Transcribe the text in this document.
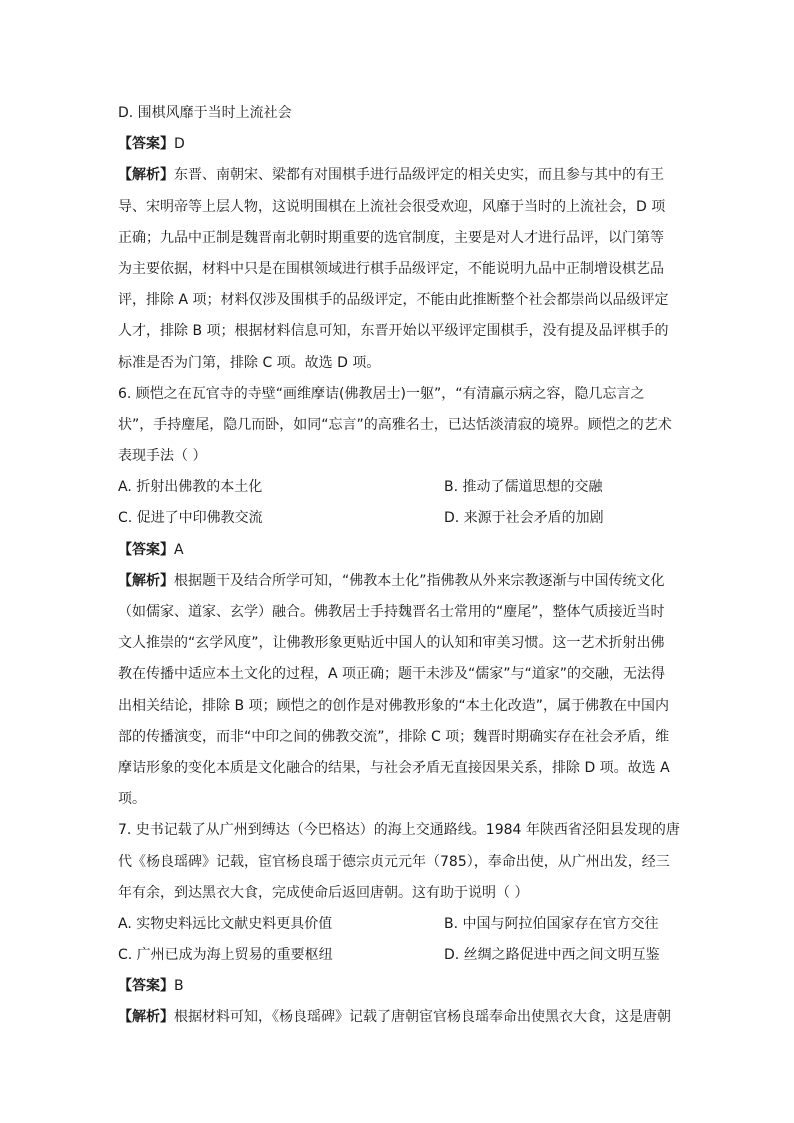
D. 围棋风靡于当时上流社会
【答案】D
【解析】东晋、南朝宋、梁都有对围棋手进行品级评定的相关史实，而且参与其中的有王
导、宋明帝等上层人物，这说明围棋在上流社会很受欢迎，风靡于当时的上流社会，D 项
正确；九品中正制是魏晋南北朝时期重要的选官制度，主要是对人才进行品评，以门第等
为主要依据，材料中只是在围棋领域进行棋手品级评定，不能说明九品中正制增设棋艺品
评，排除 A 项；材料仅涉及围棋手的品级评定，不能由此推断整个社会都崇尚以品级评定
人才，排除 B 项；根据材料信息可知，东晋开始以平级评定围棋手，没有提及品评棋手的
标准是否为门第，排除 C 项。故选 D 项。
6. 顾恺之在瓦官寺的寺壁“画维摩诘(佛教居士)一躯”，“有清羸示病之容，隐几忘言之
状”，手持麈尾，隐几而卧，如同“忘言”的高雅名士，已达恬淡清寂的境界。顾恺之的艺术
表现手法（ ）
A. 折射出佛教的本土化	B. 推动了儒道思想的交融
C. 促进了中印佛教交流	D. 来源于社会矛盾的加剧
【答案】A
【解析】根据题干及结合所学可知，“佛教本土化”指佛教从外来宗教逐渐与中国传统文化
（如儒家、道家、玄学）融合。佛教居士手持魏晋名士常用的“麈尾”，整体气质接近当时
文人推崇的“玄学风度”，让佛教形象更贴近中国人的认知和审美习惯。这一艺术折射出佛
教在传播中适应本土文化的过程，A 项正确；题干未涉及“儒家”与“道家”的交融，无法得
出相关结论，排除 B 项；顾恺之的创作是对佛教形象的“本土化改造”，属于佛教在中国内
部的传播演变，而非“中印之间的佛教交流”，排除 C 项；魏晋时期确实存在社会矛盾，维
摩诘形象的变化本质是文化融合的结果，与社会矛盾无直接因果关系，排除 D 项。故选 A
项。
7. 史书记载了从广州到缚达（今巴格达）的海上交通路线。1984 年陕西省泾阳县发现的唐
代《杨良瑶碑》记载，宦官杨良瑶于德宗贞元元年（785），奉命出使，从广州出发，经三
年有余，到达黑衣大食，完成使命后返回唐朝。这有助于说明（ ）
A. 实物史料远比文献史料更具价值	B. 中国与阿拉伯国家存在官方交往
C. 广州已成为海上贸易的重要枢纽	D. 丝绸之路促进中西之间文明互鉴
【答案】B
【解析】根据材料可知，《杨良瑶碑》记载了唐朝宦官杨良瑶奉命出使黑衣大食，这是唐朝
